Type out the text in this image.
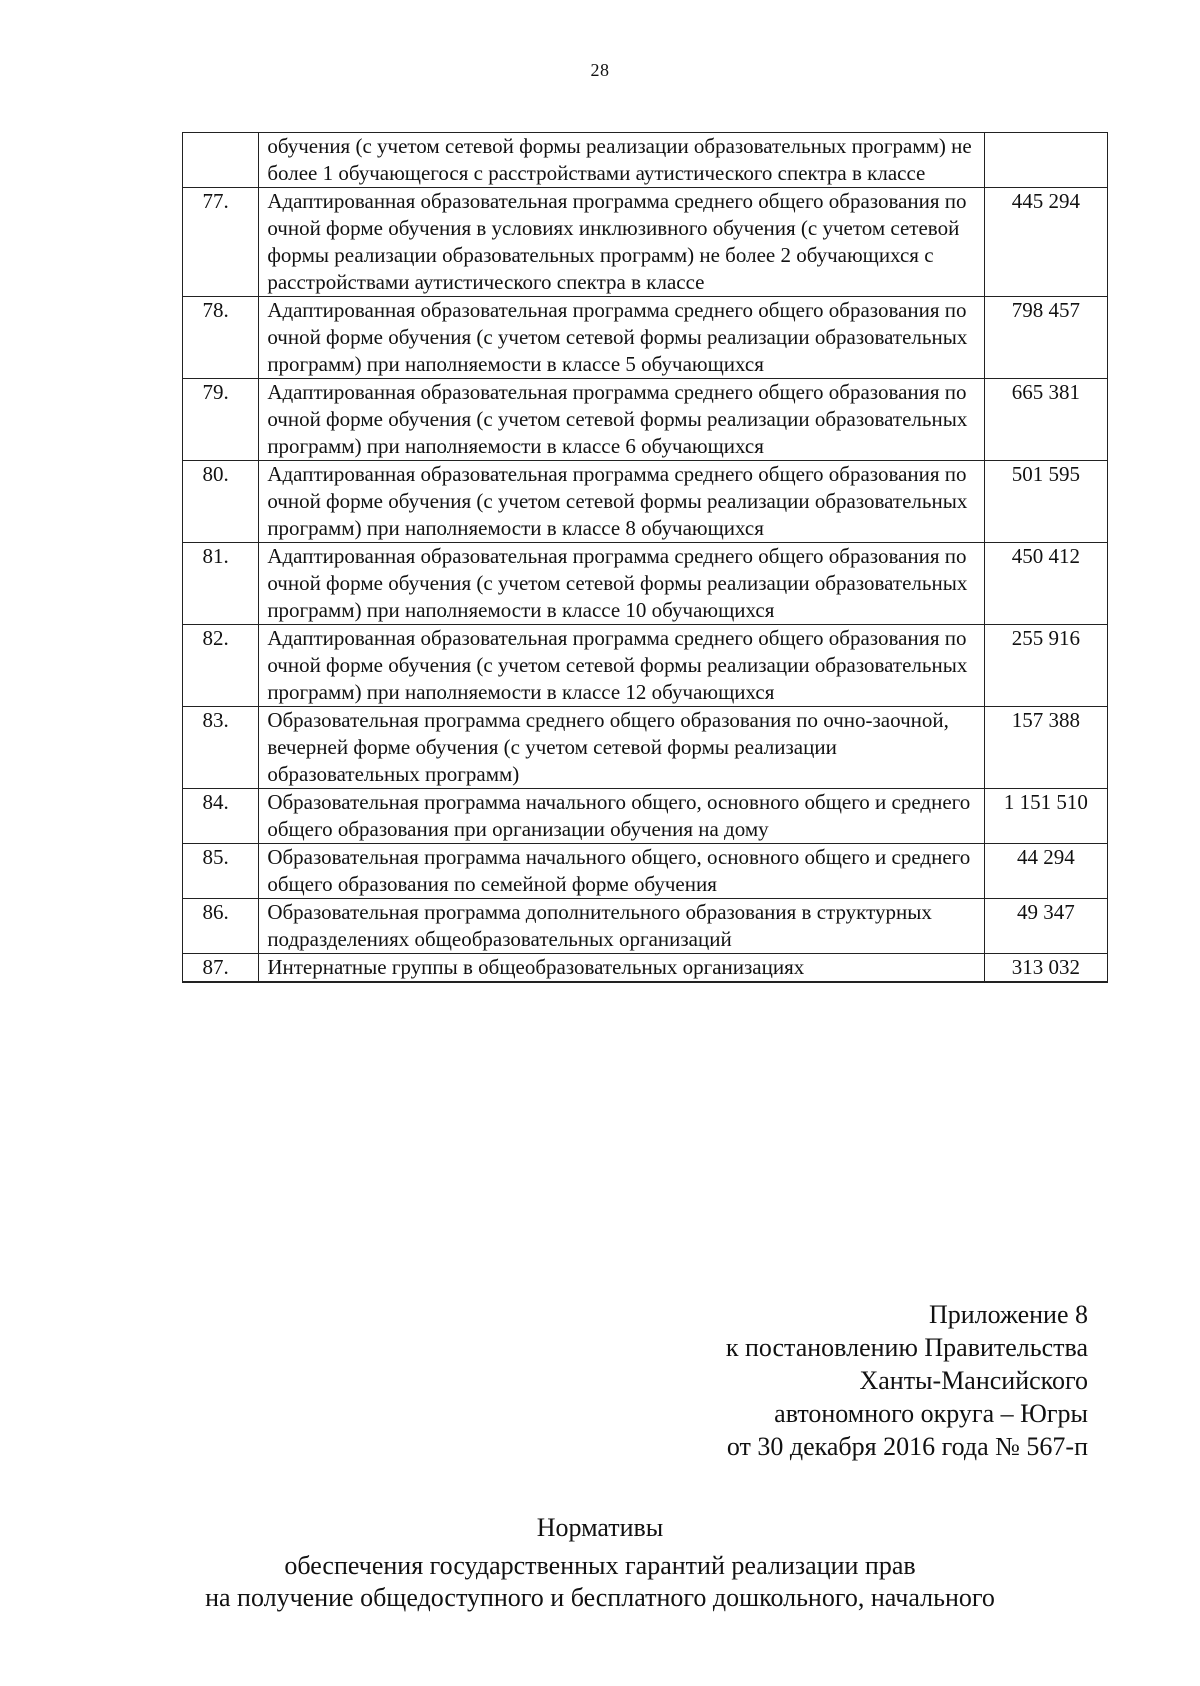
28
	обучения (с учетом сетевой формы реализации образовательных программ) не более 1 обучающегося с расстройствами аутистического спектра в классе	
77.	Адаптированная образовательная программа среднего общего образования по очной форме обучения в условиях инклюзивного обучения (с учетом сетевой формы реализации образовательных программ) не более 2 обучающихся с расстройствами аутистического спектра в классе	445 294
78.	Адаптированная образовательная программа среднего общего образования по очной форме обучения (с учетом сетевой формы реализации образовательных программ) при наполняемости в классе 5 обучающихся	798 457
79.	Адаптированная образовательная программа среднего общего образования по очной форме обучения (с учетом сетевой формы реализации образовательных программ) при наполняемости в классе 6 обучающихся	665 381
80.	Адаптированная образовательная программа среднего общего образования по очной форме обучения (с учетом сетевой формы реализации образовательных программ) при наполняемости в классе 8 обучающихся	501 595
81.	Адаптированная образовательная программа среднего общего образования по очной форме обучения (с учетом сетевой формы реализации образовательных программ) при наполняемости в классе 10 обучающихся	450 412
82.	Адаптированная образовательная программа среднего общего образования по очной форме обучения (с учетом сетевой формы реализации образовательных программ) при наполняемости в классе 12 обучающихся	255 916
83.	Образовательная программа среднего общего образования по очно-заочной, вечерней форме обучения (с учетом сетевой формы реализации образовательных программ)	157 388
84.	Образовательная программа начального общего, основного общего и среднего общего образования при организации обучения на дому	1 151 510
85.	Образовательная программа начального общего, основного общего и среднего общего образования по семейной форме обучения	44 294
86.	Образовательная программа дополнительного образования в структурных подразделениях общеобразовательных организаций	49 347
87.	Интернатные группы в общеобразовательных организациях	313 032
Приложение 8
к постановлению Правительства
Ханты-Мансийского
автономного округа – Югры
от 30 декабря 2016 года № 567-п
Нормативы
обеспечения государственных гарантий реализации прав
на получение общедоступного и бесплатного дошкольного, начального
